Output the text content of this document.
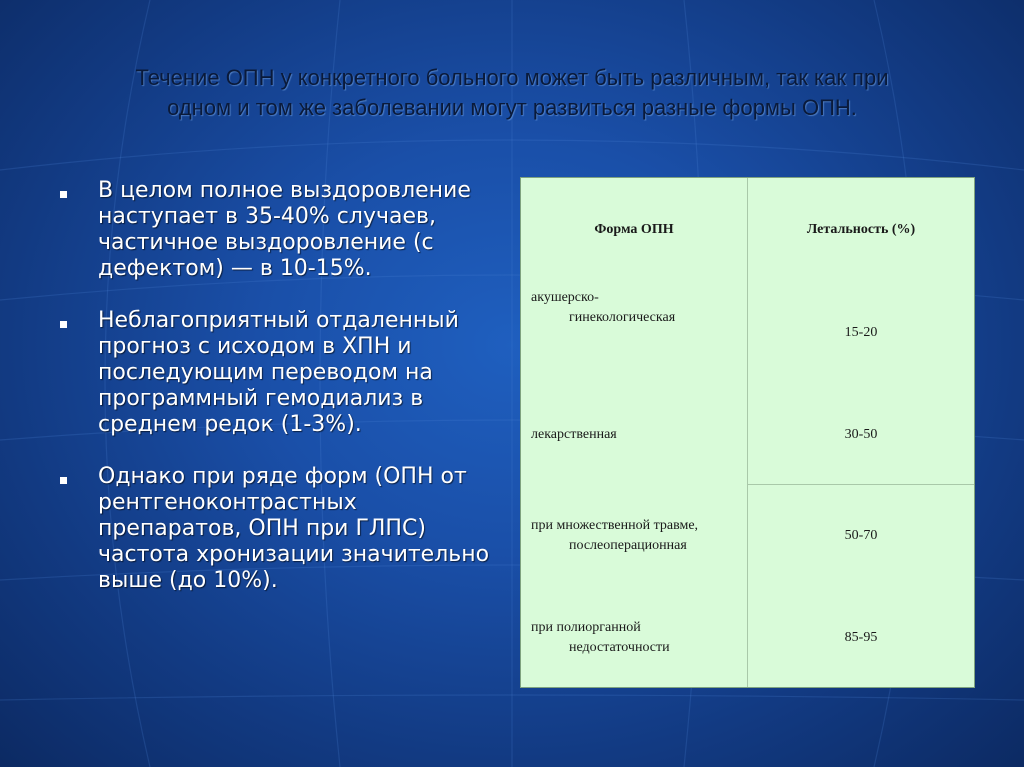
Течение ОПН у конкретного больного может быть различным, так как при
одном и том же заболевании могут развиться разные формы ОПН.
В целом полное выздоровление наступает в 35-40% случаев, частичное выздоровление (с дефектом) — в 10-15%.
Неблагоприятный отдаленный прогноз с исходом в ХПН и последующим переводом на программный гемодиализ в среднем редок (1-3%).
Однако при ряде форм (ОПН от рентгеноконтрастных препаратов, ОПН при ГЛПС) частота хронизации значительно выше (до 10%).
Форма ОПН	Летальность (%)
акушерско-
гинекологическая
15-20
лекарственная	30-50
при множественной травме,
послеоперационная
50-70
при полиорганной
недостаточности
85-95
